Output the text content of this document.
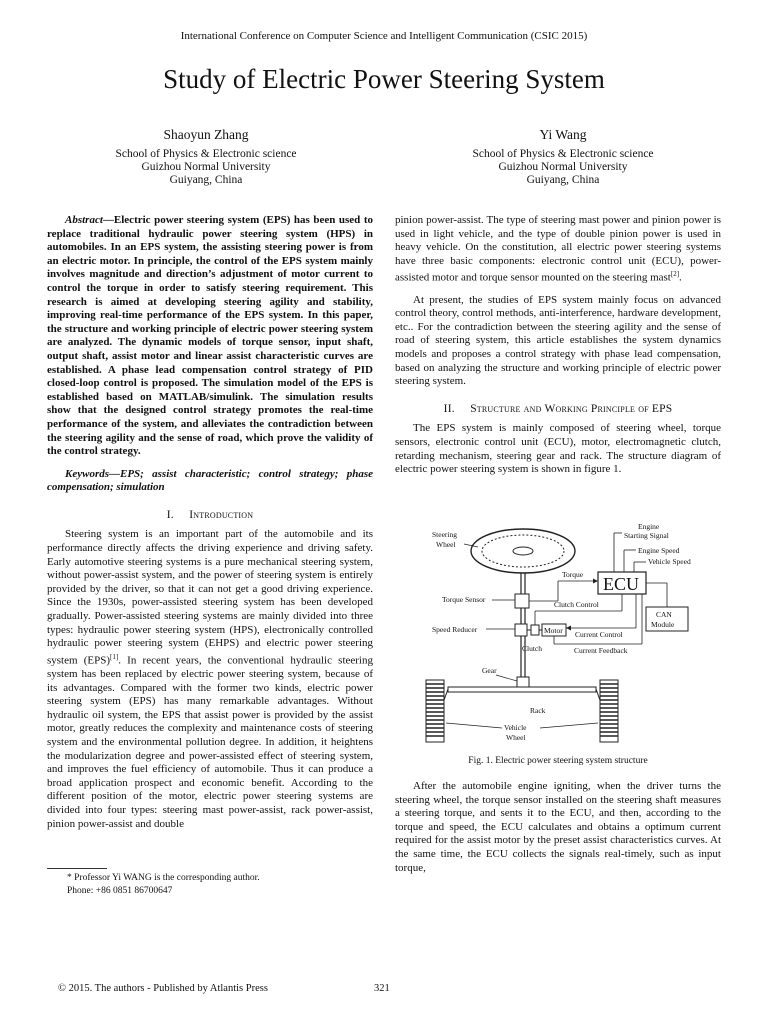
International Conference on Computer Science and Intelligent Communication (CSIC 2015)
Study of Electric Power Steering System
Shaoyun Zhang
School of Physics & Electronic science
Guizhou Normal University
Guiyang, China
Yi Wang
School of Physics & Electronic science
Guizhou Normal University
Guiyang, China

Abstract—Electric power steering system (EPS) has been used to replace traditional hydraulic power steering system (HPS) in automobiles. In an EPS system, the assisting steering power is from an electric motor. In principle, the control of the EPS system mainly involves magnitude and direction’s adjustment of motor current to control the torque in order to satisfy steering requirement. This research is aimed at developing steering agility and stability, improving real-time performance of the EPS system. In this paper, the structure and working principle of electric power steering system are analyzed. The dynamic models of torque sensor, input shaft, output shaft, assist motor and linear assist characteristic curves are established. A phase lead compensation control strategy of PID closed-loop control is proposed. The simulation model of the EPS is established based on MATLAB/simulink. The simulation results show that the designed control strategy promotes the real-time performance of the system, and alleviates the contradiction between the steering agility and the sense of road, which prove the validity of the control strategy.

Keywords—EPS; assist characteristic; control strategy; phase compensation; simulation

I. Introduction

Steering system is an important part of the automobile and its performance directly affects the driving experience and driving safety. Early automotive steering systems is a pure mechanical steering system, without power-assist system, and the power of steering system is entirely provided by the driver, so that it can not get a good driving experience. Since the 1930s, power-assisted steering system has been developed gradually. Power-assisted steering systems are mainly divided into three types: hydraulic power steering system (HPS), electronically controlled hydraulic power steering system (EHPS) and electric power steering system (EPS)[1]. In recent years, the conventional hydraulic steering system has been replaced by electric power steering system, because of its advantages. Compared with the former two kinds, electric power steering system (EPS) has many remarkable advantages. Without hydraulic oil system, the EPS that assist power is provided by the assist motor, greatly reduces the complexity and maintenance costs of steering system and the environmental pollution degree. In addition, it heightens the modularization degree and power-assisted effect of steering system, and improves the fuel efficiency of automobile. Thus it can produce a broad application prospect and economic benefit. According to the different position of the motor, electric power steering systems are divided into four types: steering mast power-assist, rack power-assist, pinion power-assist and double

* Professor Yi WANG is the corresponding author.
Phone: +86 0851 86700647

pinion power-assist. The type of steering mast power and pinion power is used in light vehicle, and the type of double pinion power is used in heavy vehicle. On the constitution, all electric power steering systems have three basic components: electronic control unit (ECU), power-assisted motor and torque sensor mounted on the steering mast[2].

At present, the studies of EPS system mainly focus on advanced control theory, control methods, anti-interference, hardware development, etc.. For the contradiction between the steering agility and the sense of road of steering system, this article establishes the system dynamics models and proposes a control strategy with phase lead compensation, based on analyzing the structure and working principle of electric power steering system.

II. Structure and Working Principle of EPS

The EPS system is mainly composed of steering wheel, torque sensors, electronic control unit (ECU), motor, electromagnetic clutch, retarding mechanism, steering gear and rack. The structure diagram of electric power steering system is shown in figure 1.

Steering
Wheel
Torque Sensor
Speed Reducer
Clutch
Motor
ECU
Torque
Clutch Control
Current Control
Current Feedback
Engine
Starting Signal
Engine Speed
Vehicle Speed
CAN
Module
Gear
Rack
Vehicle
Wheel
Fig. 1. Electric power steering system structure

After the automobile engine igniting, when the driver turns the steering wheel, the torque sensor installed on the steering shaft measures a steering torque, and sents it to the ECU, and then, according to the torque and speed, the ECU calculates and obtains a optimum current required for the assist motor by the preset assist characteristics curves. At the same time, the ECU collects the signals real-timely, such as input torque,

© 2015. The authors - Published by Atlantis Press	321
